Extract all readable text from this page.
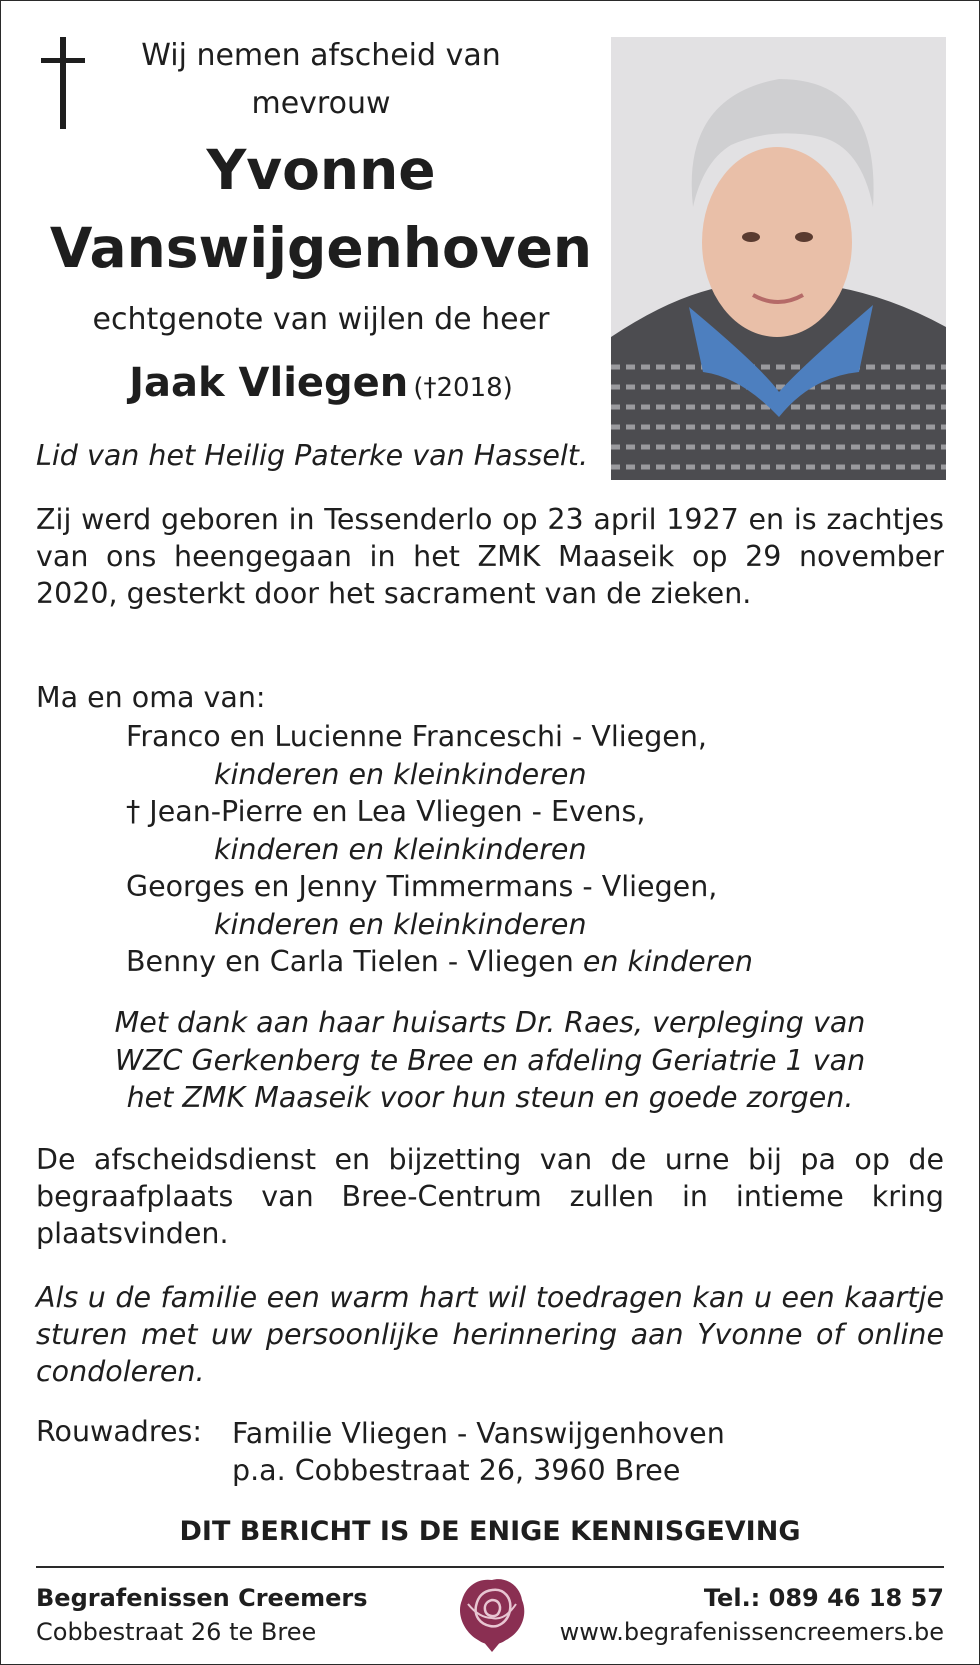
Wij nemen afscheid van
mevrouw
Yvonne
Vanswijgenhoven
echtgenote van wijlen de heer
Jaak Vliegen (†2018)
Lid van het Heilig Paterke van Hasselt.
Zij werd geboren in Tessenderlo op 23 april 1927 en is zachtjes van ons heengegaan in het ZMK Maaseik op 29 november 2020, gesterkt door het sacrament van de zieken.
Ma en oma van:
Franco en Lucienne Franceschi - Vliegen,
kinderen en kleinkinderen
† Jean-Pierre en Lea Vliegen - Evens,
kinderen en kleinkinderen
Georges en Jenny Timmermans - Vliegen,
kinderen en kleinkinderen
Benny en Carla Tielen - Vliegen en kinderen
Met dank aan haar huisarts Dr. Raes, verpleging van
WZC Gerkenberg te Bree en afdeling Geriatrie 1 van
het ZMK Maaseik voor hun steun en goede zorgen.
De afscheidsdienst en bijzetting van de urne bij pa op de begraafplaats van Bree-Centrum zullen in intieme kring plaatsvinden.
Als u de familie een warm hart wil toedragen kan u een kaartje sturen met uw persoonlijke herinnering aan Yvonne of online condoleren.
Rouwadres: Familie Vliegen - Vanswijgenhoven
p.a. Cobbestraat 26, 3960 Bree
DIT BERICHT IS DE ENIGE KENNISGEVING
Begrafenissen Creemers
Cobbestraat 26 te Bree
Tel.: 089 46 18 57
www.begrafenissencreemers.be
